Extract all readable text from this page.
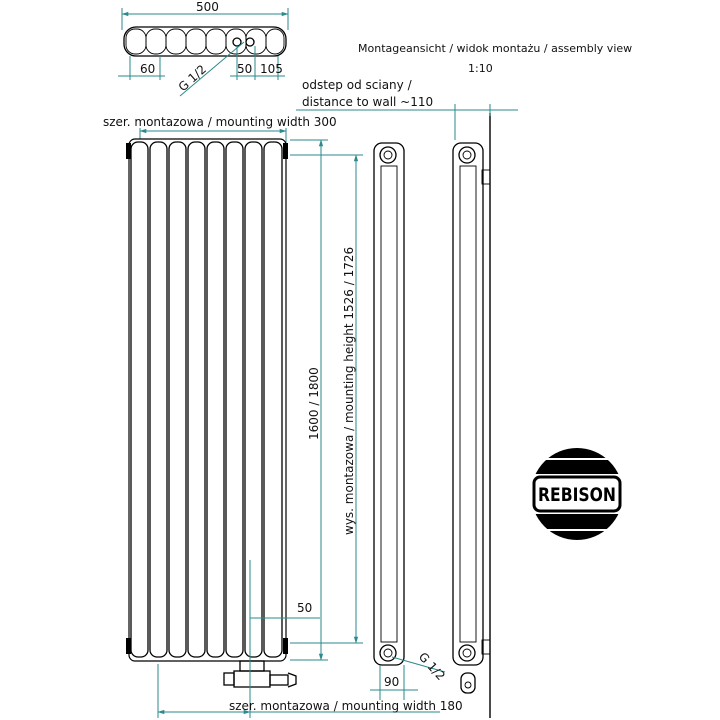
500
60	50 105
G 1/2
Montageansicht / widok montażu / assembly view
1:10
szer. montazowa / mounting width 300
1600 / 1800 wys. montazowa / mounting height 1526 / 1726
50
szer. montazowa / mounting width 180
90 G 1/2
odstep od sciany /
distance to wall ~110
REBISON
